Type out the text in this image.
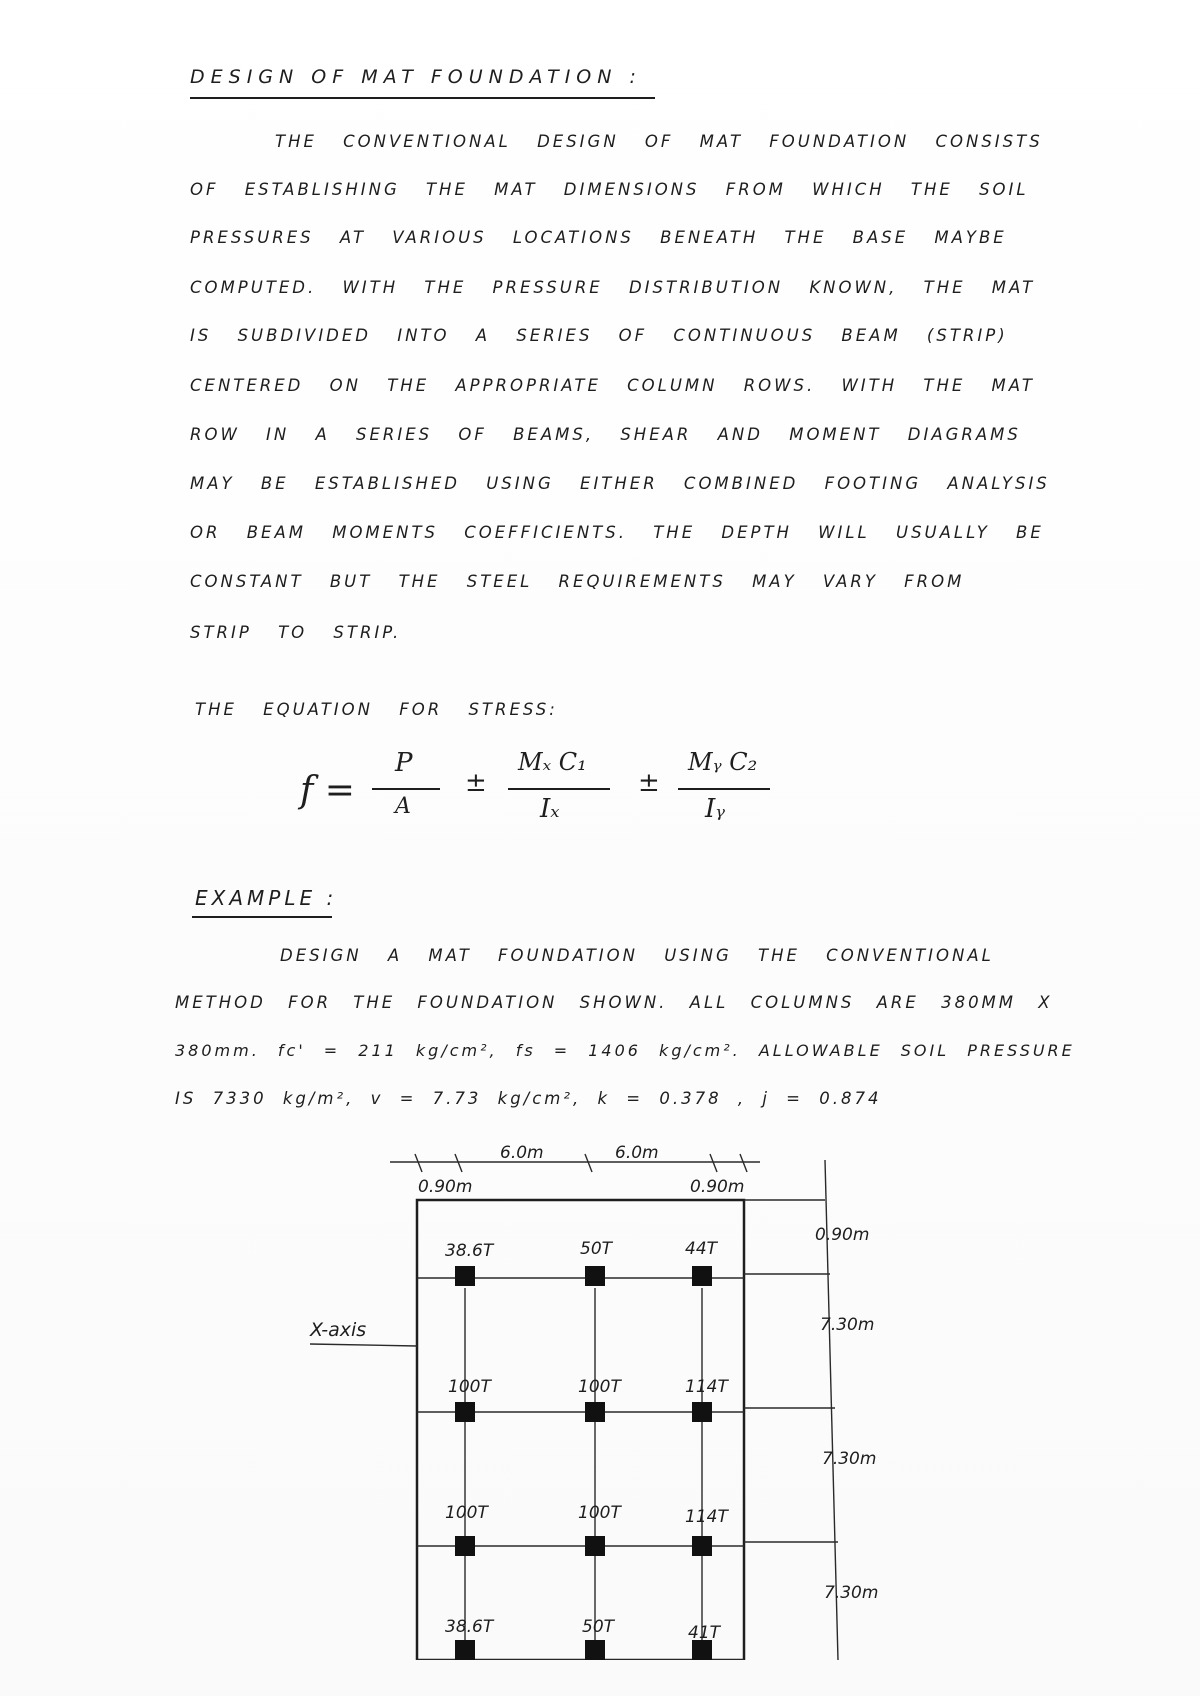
DESIGN OF MAT FOUNDATION :
THE CONVENTIONAL DESIGN OF MAT FOUNDATION CONSISTS
OF ESTABLISHING THE MAT DIMENSIONS FROM WHICH THE SOIL
PRESSURES AT VARIOUS LOCATIONS BENEATH THE BASE MAYBE
COMPUTED. WITH THE PRESSURE DISTRIBUTION KNOWN, THE MAT
IS SUBDIVIDED INTO A SERIES OF CONTINUOUS BEAM (STRIP)
CENTERED ON THE APPROPRIATE COLUMN ROWS. WITH THE MAT
ROW IN A SERIES OF BEAMS, SHEAR AND MOMENT DIAGRAMS
MAY BE ESTABLISHED USING EITHER COMBINED FOOTING ANALYSIS
OR BEAM MOMENTS COEFFICIENTS. THE DEPTH WILL USUALLY BE
CONSTANT BUT THE STEEL REQUIREMENTS MAY VARY FROM
STRIP TO STRIP.
THE EQUATION FOR STRESS:
f =
P
A
±
Mₓ C₁
Iₓ
±
Mᵧ C₂
Iᵧ
EXAMPLE :
DESIGN A MAT FOUNDATION USING THE CONVENTIONAL
METHOD FOR THE FOUNDATION SHOWN. ALL COLUMNS ARE 380MM X
380mm. fc' = 211 kg/cm², fs = 1406 kg/cm². ALLOWABLE SOIL PRESSURE
IS 7330 kg/m², v = 7.73 kg/cm², k = 0.378 , j = 0.874
0.90m
6.0m	6.0m
0.90m
0.90m
7.30m
7.30m
7.30m
X-axis
38.6T	50T	44T
100T	100T	114T
100T	100T	114T
38.6T	50T	41T
